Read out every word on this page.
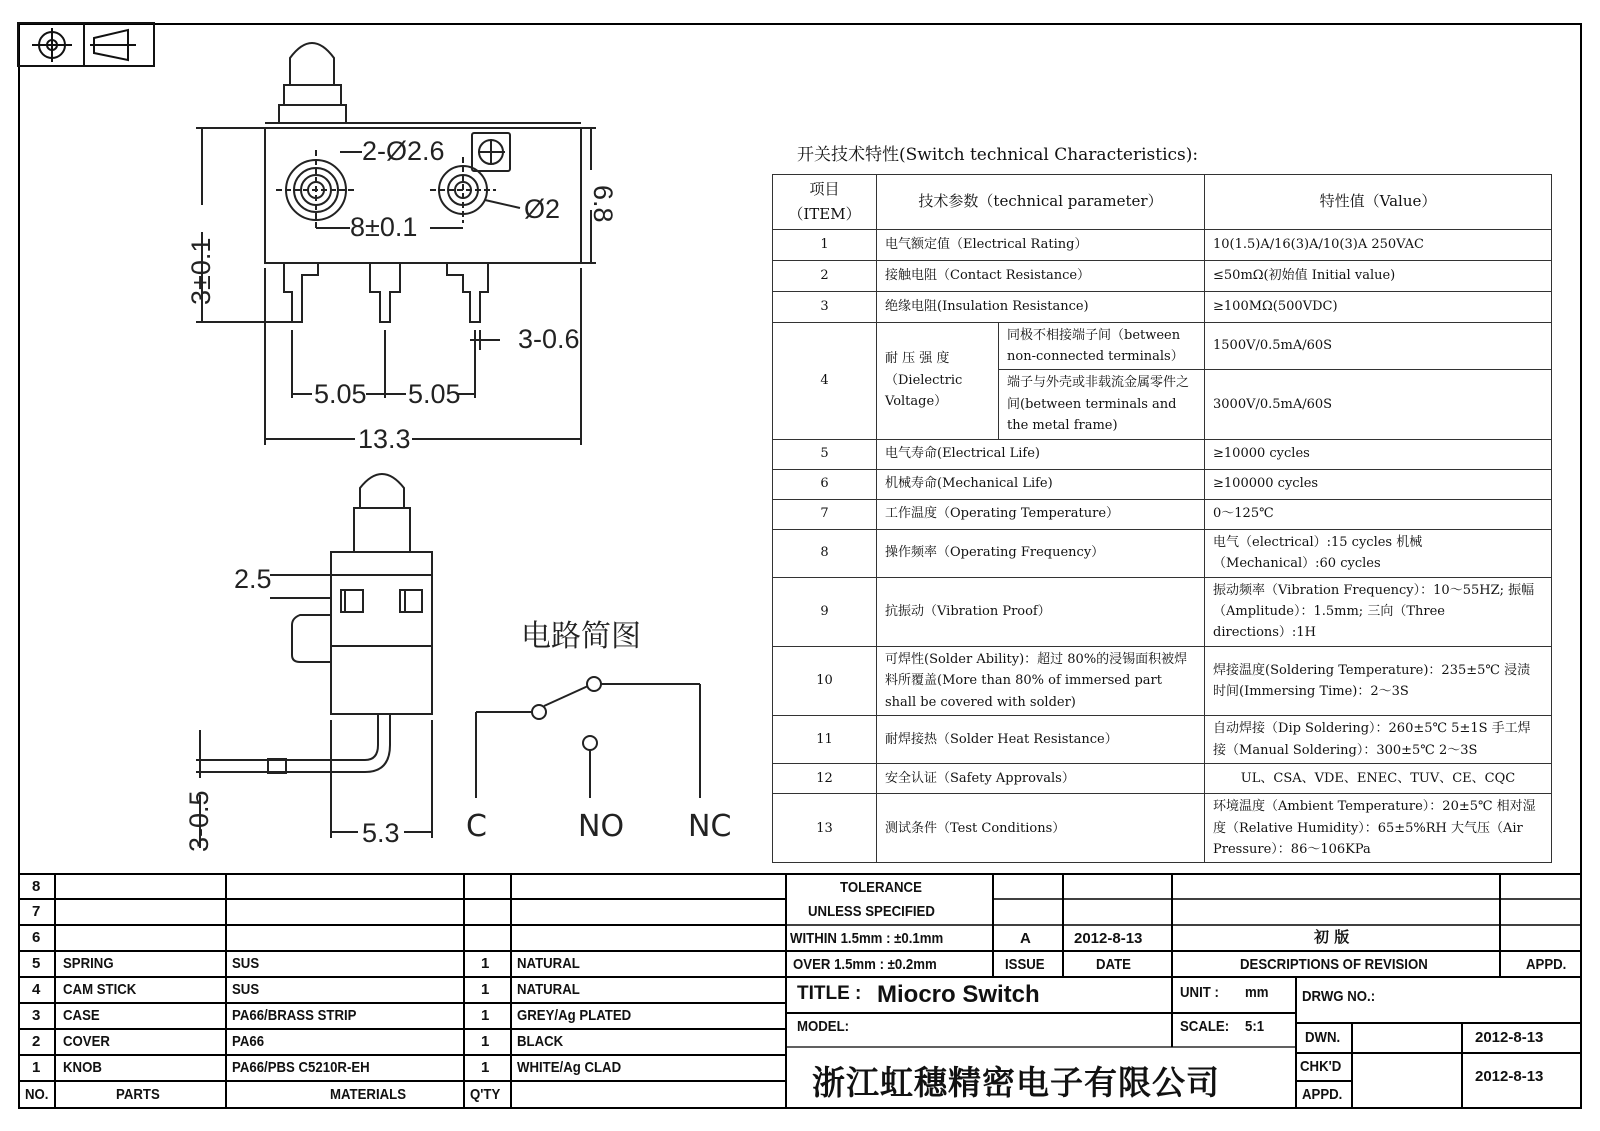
2-Ø2.6
8±0.1
Ø2 6.8
3±0.1
3-0.6
5.05 5.05
13.3
2.5
3-0.5	5.3
电路简图
C	NO NC
开关技术特性(Switch technical Characteristics):
项目（ITEM）	技术参数（technical parameter）		特性值（Value）
1	电气额定值（Electrical Rating）		10(1.5)A/16(3)A/10(3)A 250VAC
2	接触电阻（Contact Resistance）		≤50mΩ(初始值 Initial value)
3	绝缘电阻(Insulation Resistance)		≥100MΩ(500VDC)
4	耐 压 强 度（Dielectric Voltage）	同极不相接端子间（between non-connected terminals）	1500V/0.5mA/60S
		端子与外壳或非载流金属零件之间(between terminals and the metal frame)	3000V/0.5mA/60S
5	电气寿命(Electrical Life)		≥10000 cycles
6	机械寿命(Mechanical Life)		≥100000 cycles
7	工作温度（Operating Temperature）		0～125℃
8	操作频率（Operating Frequency）		电气（electrical）:15 cycles 机械（Mechanical）:60 cycles
9	抗振动（Vibration Proof）		振动频率（Vibration Frequency）：10～55HZ; 振幅（Amplitude）：1.5mm; 三向（Three directions）:1H
10	可焊性(Solder Ability)：超过 80%的浸锡面积被焊料所覆盖(More than 80% of immersed part shall be covered with solder)		焊接温度(Soldering Temperature)：235±5℃ 浸渍时间(Immersing Time)：2～3S
11	耐焊接热（Solder Heat Resistance）		自动焊接（Dip Soldering）：260±5℃ 5±1S 手工焊接（Manual Soldering）：300±5℃ 2～3S
12	安全认证（Safety Approvals）		UL、CSA、VDE、ENEC、TUV、CE、CQC
13	测试条件（Test Conditions）		环境温度（Ambient Temperature）：20±5℃ 相对湿度（Relative Humidity）：65±5%RH 大气压（Air Pressure）：86～106KPa
8
7
6
5 SPRING	SUS	1 NATURAL
4 CAM STICK	SUS	1 NATURAL
3 CASE	PA66/BRASS STRIP	1 GREY/Ag PLATED
2 COVER	PA66	1 BLACK
1 KNOB	PA66/PBS C5210R-EH	1 WHITE/Ag CLAD
NO.	PARTS	MATERIALS	Q'TY
TOLERANCE
UNLESS SPECIFIED
WITHIN 1.5mm : ±0.1mm
OVER 1.5mm : ±0.2mm
A	2012-8-13	初 版
ISSUE	DATE	DESCRIPTIONS OF REVISION	APPD.
TITLE : Miocro Switch	UNIT : mm DRWG NO.:
MODEL:	SCALE: 5:1
DWN.	2012-8-13
CHK'D
2012-8-13
APPD.
浙江虹穗精密电子有限公司
